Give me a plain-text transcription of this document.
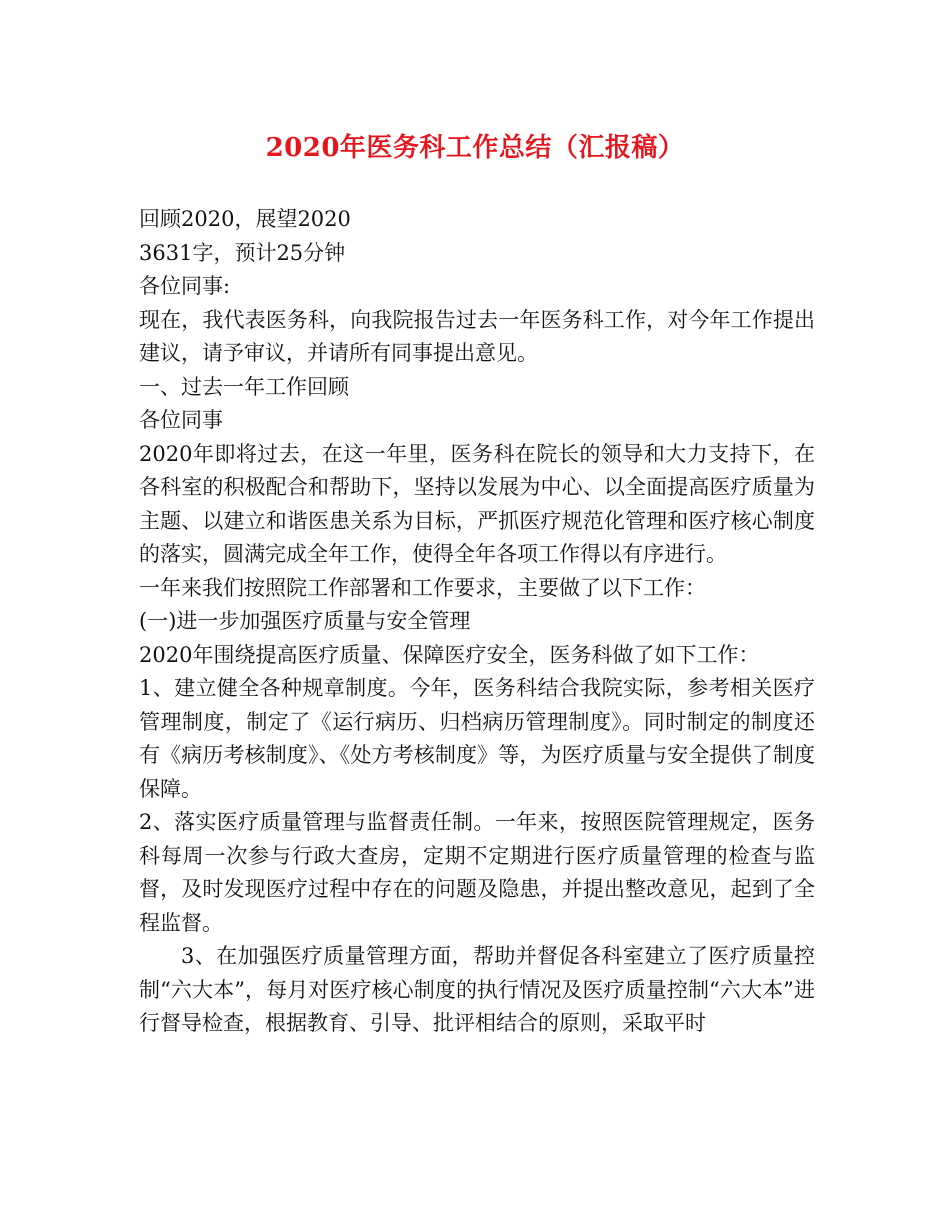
2020年医务科工作总结（汇报稿）

回顾2020，展望2020

3631字，预计25分钟

各位同事:

现在，我代表医务科，向我院报告过去一年医务科工作，对今年工作提出建议，请予审议，并请所有同事提出意见。

一、过去一年工作回顾

各位同事

2020年即将过去，在这一年里，医务科在院长的领导和大力支持下，在各科室的积极配合和帮助下，坚持以发展为中心、以全面提高医疗质量为主题、以建立和谐医患关系为目标，严抓医疗规范化管理和医疗核心制度的落实，圆满完成全年工作，使得全年各项工作得以有序进行。

一年来我们按照院工作部署和工作要求，主要做了以下工作：

(一)进一步加强医疗质量与安全管理

2020年围绕提高医疗质量、保障医疗安全，医务科做了如下工作：

1、建立健全各种规章制度。今年，医务科结合我院实际，参考相关医疗管理制度，制定了《运行病历、归档病历管理制度》。同时制定的制度还有《病历考核制度》、《处方考核制度》等，为医疗质量与安全提供了制度保障。

2、落实医疗质量管理与监督责任制。一年来，按照医院管理规定，医务科每周一次参与行政大查房，定期不定期进行医疗质量管理的检查与监督，及时发现医疗过程中存在的问题及隐患，并提出整改意见，起到了全程监督。

3、在加强医疗质量管理方面，帮助并督促各科室建立了医疗质量控制“六大本”，每月对医疗核心制度的执行情况及医疗质量控制“六大本”进行督导检查，根据教育、引导、批评相结合的原则，采取平时
